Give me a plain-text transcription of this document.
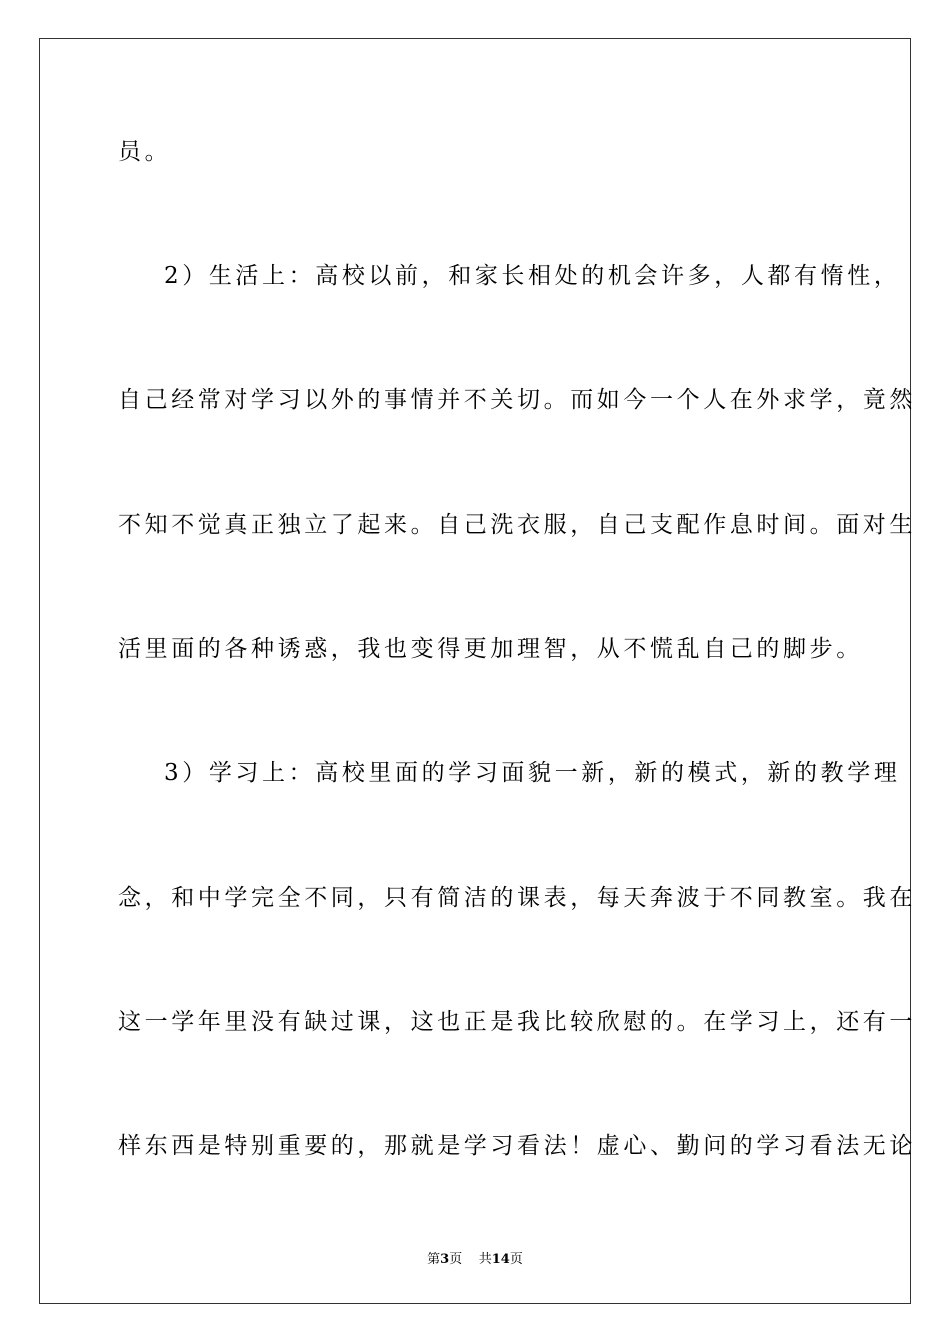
员。
2）生活上：高校以前，和家长相处的机会许多，人都有惰性，
自己经常对学习以外的事情并不关切。而如今一个人在外求学，竟然
不知不觉真正独立了起来。自己洗衣服，自己支配作息时间。面对生
活里面的各种诱惑，我也变得更加理智，从不慌乱自己的脚步。
3）学习上：高校里面的学习面貌一新，新的模式，新的教学理
念，和中学完全不同，只有简洁的课表，每天奔波于不同教室。我在
这一学年里没有缺过课，这也正是我比较欣慰的。在学习上，还有一
样东西是特别重要的，那就是学习看法！虚心、勤问的学习看法无论
第3页 共14页
